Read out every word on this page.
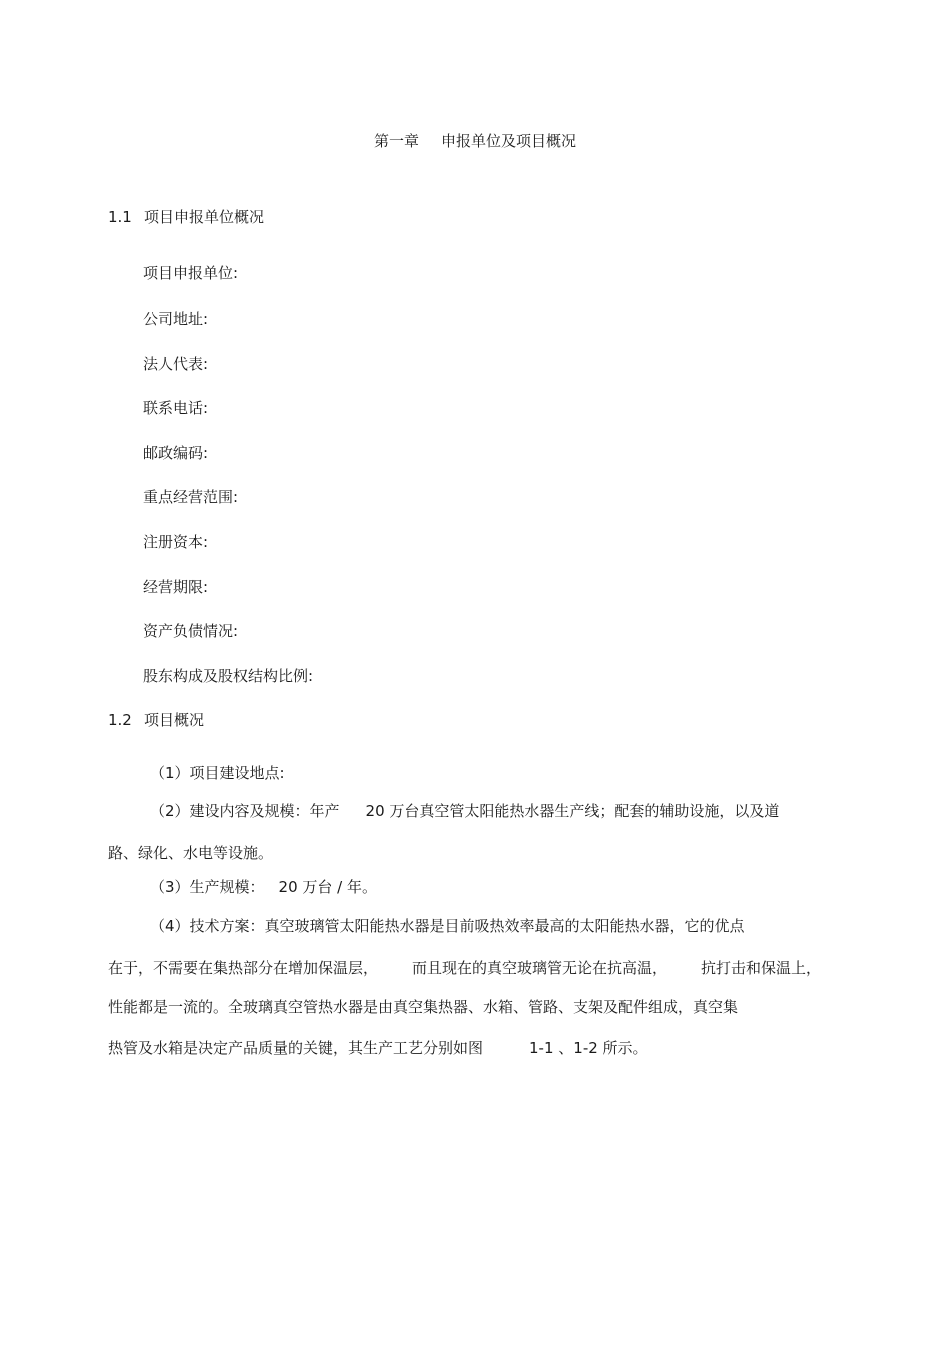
第一章 申报单位及项目概况
1.1 项目申报单位概况
项目申报单位:
公司地址:
法人代表:
联系电话:
邮政编码:
重点经营范围:
注册资本:
经营期限:
资产负债情况:
股东构成及股权结构比例:
1.2 项目概况
（1）项目建设地点:
（2）建设内容及规模：年产 20 万台真空管太阳能热水器生产线；配套的辅助设施，以及道
路、绿化、水电等设施。
（3）生产规模： 20 万台 / 年。
（4）技术方案：真空玻璃管太阳能热水器是目前吸热效率最高的太阳能热水器，它的优点
在于，不需要在集热部分在增加保温层， 而且现在的真空玻璃管无论在抗高温， 抗打击和保温上，
性能都是一流的。全玻璃真空管热水器是由真空集热器、水箱、管路、支架及配件组成，真空集
热管及水箱是决定产品质量的关键，其生产工艺分别如图	1-1 、1-2 所示。
